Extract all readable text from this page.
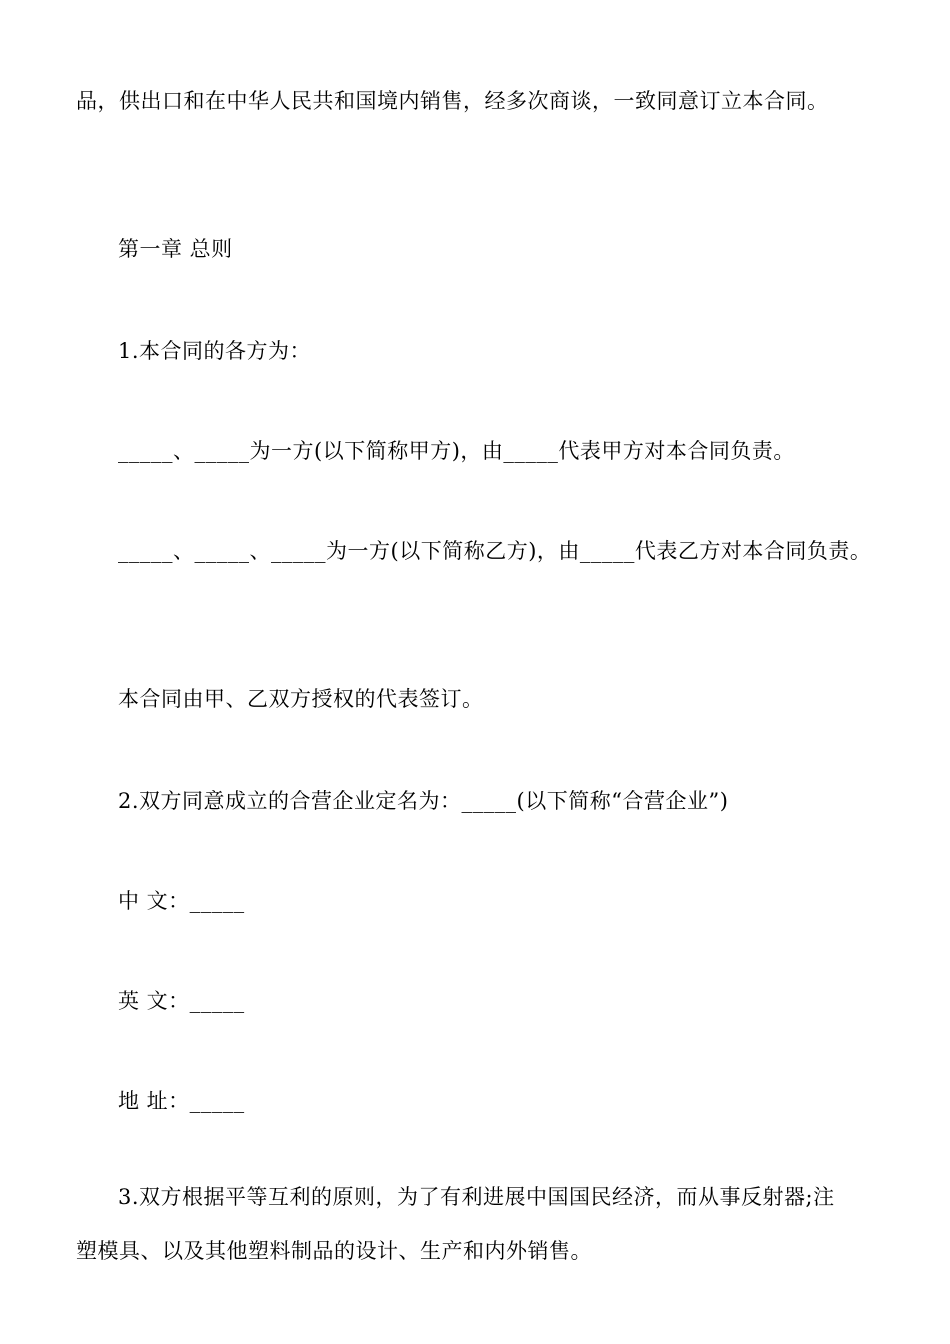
品，供出口和在中华人民共和国境内销售，经多次商谈，一致同意订立本合同。
第一章 总则
1.本合同的各方为：
_____、_____为一方(以下简称甲方)，由_____代表甲方对本合同负责。
_____、_____、_____为一方(以下简称乙方)，由_____代表乙方对本合同负责。
本合同由甲、乙双方授权的代表签订。
2.双方同意成立的合营企业定名为：_____(以下简称“合营企业”)
中 文：_____
英 文：_____
地 址：_____
3.双方根据平等互利的原则，为了有利进展中国国民经济，而从事反射器;注
塑模具、以及其他塑料制品的设计、生产和内外销售。
